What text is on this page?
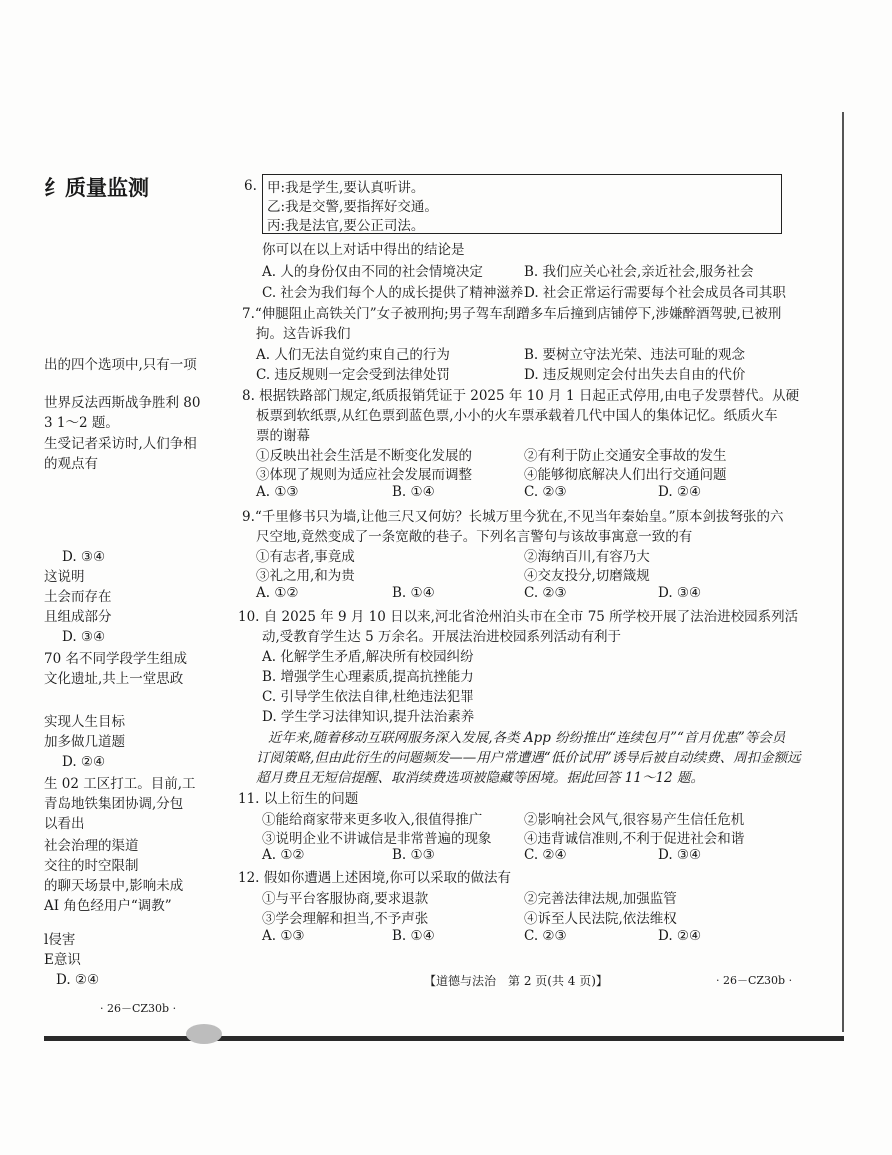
纟质量监测
出的四个选项中,只有一项
世界反法西斯战争胜利 80
3 1～2 题。
生受记者采访时,人们争相
的观点有
D. ③④
这说明
土会而存在
且组成部分
D. ③④
70 名不同学段学生组成
文化遗址,共上一堂思政
实现人生目标
加多做几道题
D. ②④
生 02 工区打工。目前,工
青岛地铁集团协调,分包
以看出
社会治理的渠道
交往的时空限制
的聊天场景中,影响未成
AI 角色经用户“调教”
l侵害
E意识
D. ②④
· 26－CZ30b ·
6. 甲:我是学生,要认真听讲。
乙:我是交警,要指挥好交通。
丙:我是法官,要公正司法。
你可以在以上对话中得出的结论是
A. 人的身份仅由不同的社会情境决定	B. 我们应关心社会,亲近社会,服务社会
C. 社会为我们每个人的成长提供了精神滋养 D. 社会正常运行需要每个社会成员各司其职
7.“伸腿阻止高铁关门”女子被刑拘;男子驾车刮蹭多车后撞到店铺停下,涉嫌醉酒驾驶,已被刑
拘。这告诉我们
A. 人们无法自觉约束自己的行为	B. 要树立守法光荣、违法可耻的观念
C. 违反规则一定会受到法律处罚	D. 违反规则定会付出失去自由的代价
8. 根据铁路部门规定,纸质报销凭证于 2025 年 10 月 1 日起正式停用,由电子发票替代。从硬
板票到软纸票,从红色票到蓝色票,小小的火车票承载着几代中国人的集体记忆。纸质火车
票的谢幕
①反映出社会生活是不断变化发展的	②有利于防止交通安全事故的发生
③体现了规则为适应社会发展而调整	④能够彻底解决人们出行交通问题
A. ①③	B. ①④	C. ②③	D. ②④
9.“千里修书只为墙,让他三尺又何妨？长城万里今犹在,不见当年秦始皇。”原本剑拔弩张的六
尺空地,竟然变成了一条宽敞的巷子。下列名言警句与该故事寓意一致的有
①有志者,事竟成	②海纳百川,有容乃大
③礼之用,和为贵	④交友投分,切磨箴规
A. ①②	B. ①④	C. ②③	D. ③④
10. 自 2025 年 9 月 10 日以来,河北省沧州泊头市在全市 75 所学校开展了法治进校园系列活
动,受教育学生达 5 万余名。开展法治进校园系列活动有利于
A. 化解学生矛盾,解决所有校园纠纷
B. 增强学生心理素质,提高抗挫能力
C. 引导学生依法自律,杜绝违法犯罪
D. 学生学习法律知识,提升法治素养
近年来,随着移动互联网服务深入发展,各类 App 纷纷推出“连续包月”“首月优惠”等会员
订阅策略,但由此衍生的问题频发——用户常遭遇“低价试用”诱导后被自动续费、周扣金额远
超月费且无短信提醒、取消续费选项被隐藏等困境。据此回答 11～12 题。
11. 以上衍生的问题
①能给商家带来更多收入,很值得推广	②影响社会风气,很容易产生信任危机
③说明企业不讲诚信是非常普遍的现象 ④违背诚信准则,不利于促进社会和谐
A. ①②	B. ①③	C. ②④	D. ③④
12. 假如你遭遇上述困境,你可以采取的做法有
①与平台客服协商,要求退款	②完善法律法规,加强监管
③学会理解和担当,不予声张	④诉至人民法院,依法维权
A. ①③	B. ①④	C. ②③	D. ②④
【道德与法治　第 2 页(共 4 页)】	· 26－CZ30b ·
